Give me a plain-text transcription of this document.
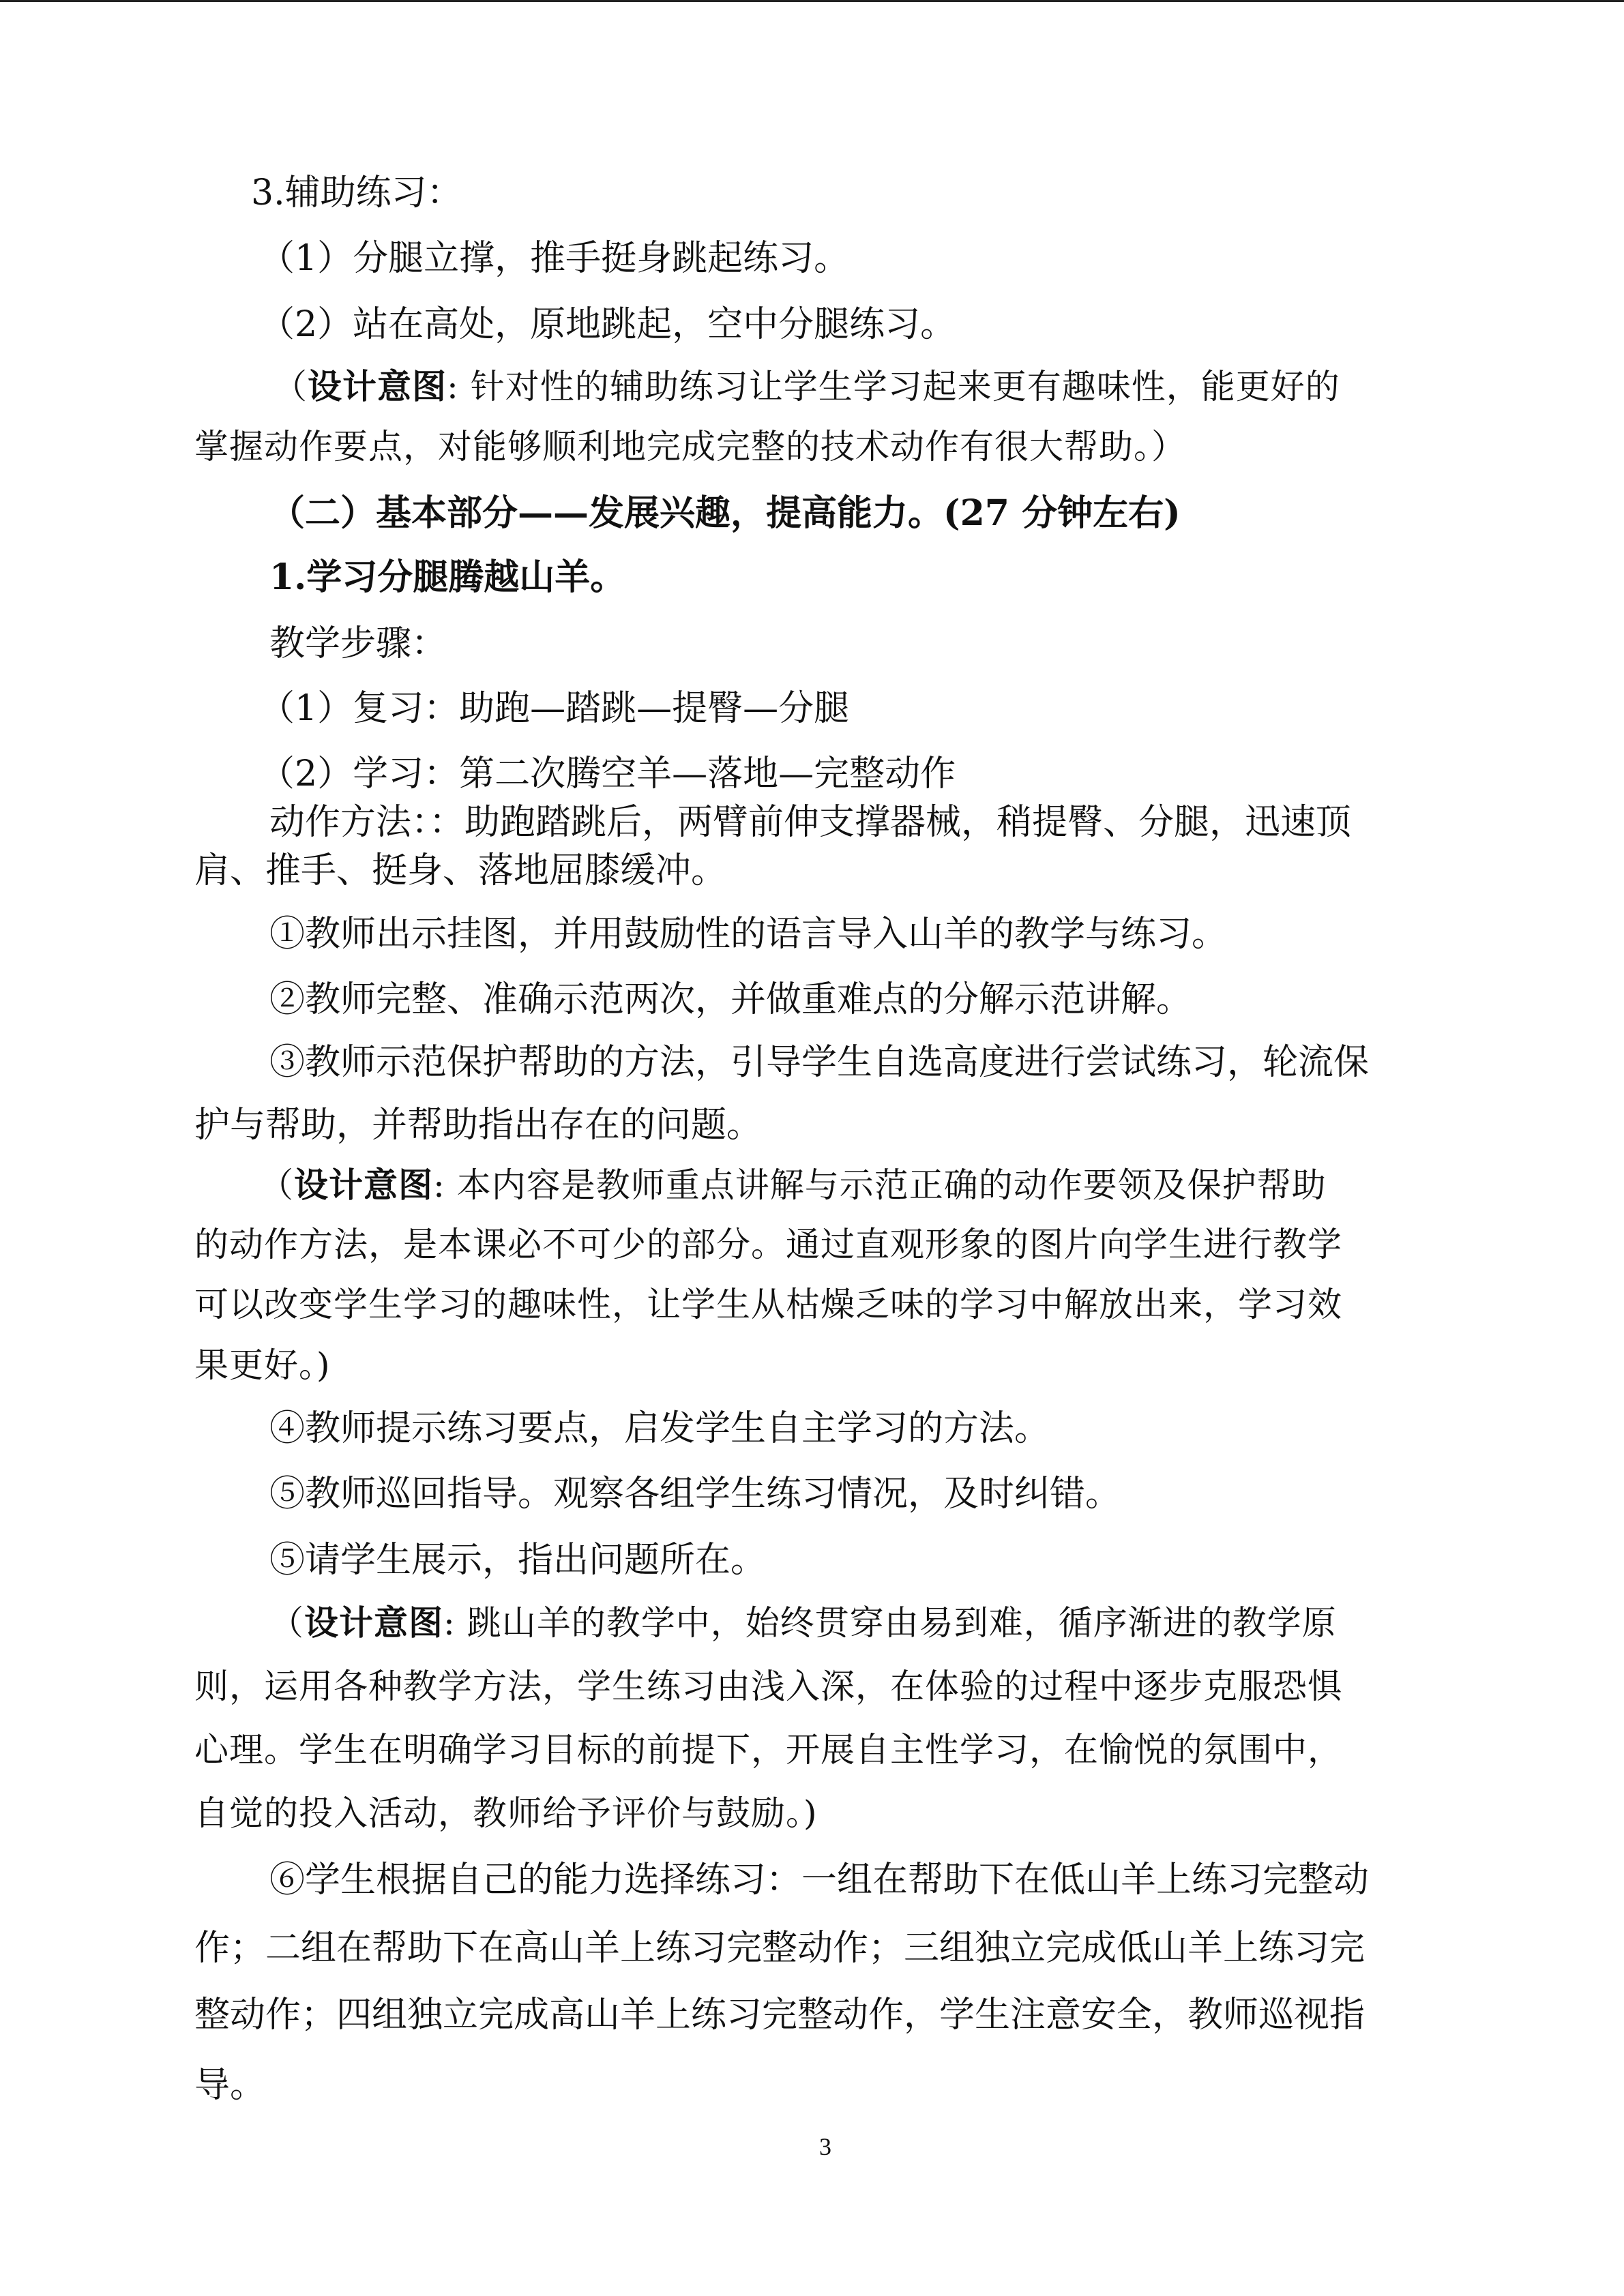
3.辅助练习：
（1）分腿立撑，推手挺身跳起练习。
（2）站在高处，原地跳起，空中分腿练习。
（设计意图: 针对性的辅助练习让学生学习起来更有趣味性，能更好的
掌握动作要点，对能够顺利地完成完整的技术动作有很大帮助。）
（二）基本部分——发展兴趣，提高能力。(27 分钟左右)
1.学习分腿腾越山羊。
教学步骤：
（1）复习：助跑—踏跳—提臀—分腿
（2）学习：第二次腾空羊—落地—完整动作
动作方法：：助跑踏跳后，两臂前伸支撑器械，稍提臀、分腿，迅速顶
肩、推手、挺身、落地屈膝缓冲。
①教师出示挂图，并用鼓励性的语言导入山羊的教学与练习。
②教师完整、准确示范两次，并做重难点的分解示范讲解。
③教师示范保护帮助的方法，引导学生自选高度进行尝试练习，轮流保
护与帮助，并帮助指出存在的问题。
（设计意图: 本内容是教师重点讲解与示范正确的动作要领及保护帮助
的动作方法，是本课必不可少的部分。通过直观形象的图片向学生进行教学
可以改变学生学习的趣味性，让学生从枯燥乏味的学习中解放出来，学习效
果更好。)
④教师提示练习要点，启发学生自主学习的方法。
⑤教师巡回指导。观察各组学生练习情况，及时纠错。
⑤请学生展示，指出问题所在。
（设计意图: 跳山羊的教学中，始终贯穿由易到难，循序渐进的教学原
则，运用各种教学方法，学生练习由浅入深，在体验的过程中逐步克服恐惧
心理。学生在明确学习目标的前提下，开展自主性学习，在愉悦的氛围中，
自觉的投入活动，教师给予评价与鼓励。)
⑥学生根据自己的能力选择练习：一组在帮助下在低山羊上练习完整动
作；二组在帮助下在高山羊上练习完整动作；三组独立完成低山羊上练习完
整动作；四组独立完成高山羊上练习完整动作，学生注意安全，教师巡视指
导。
3
